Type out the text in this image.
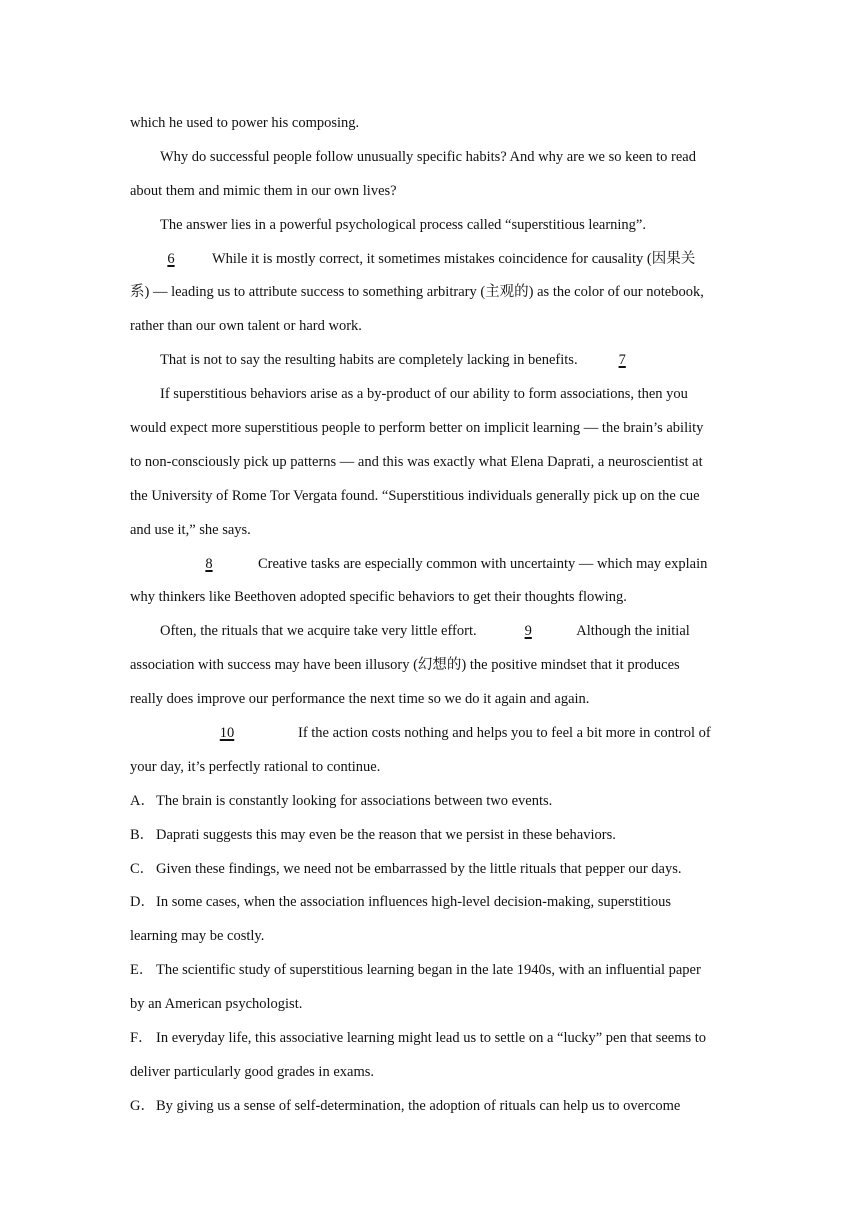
which he used to power his composing.
Why do successful people follow unusually specific habits? And why are we so keen to read
about them and mimic them in our own lives?
The answer lies in a powerful psychological process called “superstitious learning”.
6	While it is mostly correct, it sometimes mistakes coincidence for causality (因果关
系) — leading us to attribute success to something arbitrary (主观的) as the color of our notebook,
rather than our own talent or hard work.
That is not to say the resulting habits are completely lacking in benefits.	7
If superstitious behaviors arise as a by-product of our ability to form associations, then you
would expect more superstitious people to perform better on implicit learning — the brain’s ability
to non-consciously pick up patterns — and this was exactly what Elena Daprati, a neuroscientist at
the University of Rome Tor Vergata found. “Superstitious individuals generally pick up on the cue
and use it,” she says.
8	Creative tasks are especially common with uncertainty — which may explain
why thinkers like Beethoven adopted specific behaviors to get their thoughts flowing.
Often, the rituals that we acquire take very little effort.	9	Although the initial
association with success may have been illusory (幻想的) the positive mindset that it produces
really does improve our performance the next time so we do it again and again.
10	If the action costs nothing and helps you to feel a bit more in control of
your day, it’s perfectly rational to continue.
A．The brain is constantly looking for associations between two events.
B． Daprati suggests this may even be the reason that we persist in these behaviors.
C． Given these findings, we need not be embarrassed by the little rituals that pepper our days.
D．In some cases, when the association influences high-level decision-making, superstitious
learning may be costly.
E． The scientific study of superstitious learning began in the late 1940s, with an influential paper
by an American psychologist.
F． In everyday life, this associative learning might lead us to settle on a “lucky” pen that seems to
deliver particularly good grades in exams.
G．By giving us a sense of self-determination, the adoption of rituals can help us to overcome
